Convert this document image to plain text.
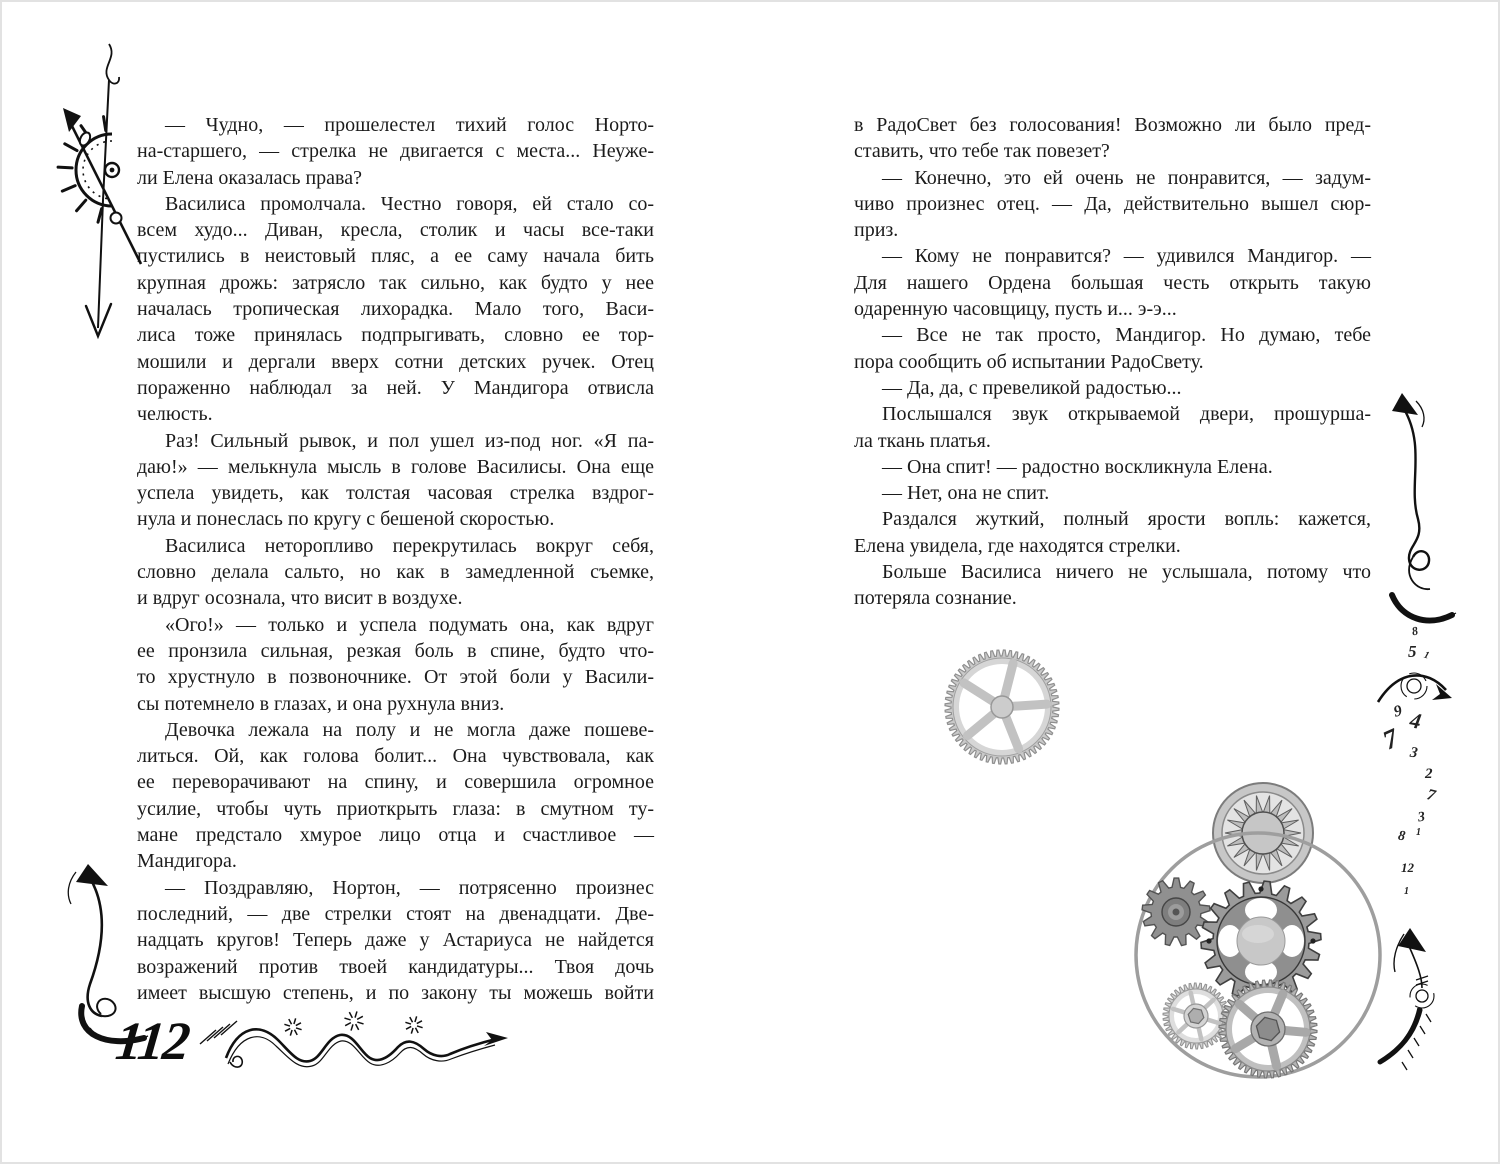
— Чудно, — прошелестел тихий голос Норто-
на-старшего, — стрелка не двигается с места... Неуже-
ли Елена оказалась права?
Василиса промолчала. Честно говоря, ей стало со-
всем худо... Диван, кресла, столик и часы все-таки
пустились в неистовый пляс, а ее саму начала бить
крупная дрожь: затрясло так сильно, как будто у нее
началась тропическая лихорадка. Мало того, Васи-
лиса тоже принялась подпрыгивать, словно ее тор-
мошили и дергали вверх сотни детских ручек. Отец
пораженно наблюдал за ней. У Мандигора отвисла
челюсть.
Раз! Сильный рывок, и пол ушел из-под ног. «Я па-
даю!» — мелькнула мысль в голове Василисы. Она еще
успела увидеть, как толстая часовая стрелка вздрог-
нула и понеслась по кругу с бешеной скоростью.
Василиса неторопливо перекрутилась вокруг себя,
словно делала сальто, но как в замедленной съемке,
и вдруг осознала, что висит в воздухе.
«Ого!» — только и успела подумать она, как вдруг
ее пронзила сильная, резкая боль в спине, будто что-
то хрустнуло в позвоночнике. От этой боли у Васили-
сы потемнело в глазах, и она рухнула вниз.
Девочка лежала на полу и не могла даже пошеве-
литься. Ой, как голова болит... Она чувствовала, как
ее переворачивают на спину, и совершила огромное
усилие, чтобы чуть приоткрыть глаза: в смутном ту-
мане предстало хмурое лицо отца и счастливое —
Мандигора.
— Поздравляю, Нортон, — потрясенно произнес
последний, — две стрелки стоят на двенадцати. Две-
надцать кругов! Теперь даже у Астариуса не найдется
возражений против твоей кандидатуры... Твоя дочь
имеет высшую степень, и по закону ты можешь войти
в РадоСвет без голосования! Возможно ли было пред-
ставить, что тебе так повезет?
— Конечно, это ей очень не понравится, — задум-
чиво произнес отец. — Да, действительно вышел сюр-
приз.
— Кому не понравится? — удивился Мандигор. —
Для нашего Ордена большая честь открыть такую
одаренную часовщицу, пусть и... э-э...
— Все не так просто, Мандигор. Но думаю, тебе
пора сообщить об испытании РадоСвету.
— Да, да, с превеликой радостью...
Послышался звук открываемой двери, прошурша-
ла ткань платья.
— Она спит! — радостно воскликнула Елена.
— Нет, она не спит.
Раздался жуткий, полный ярости вопль: кажется,
Елена увидела, где находятся стрелки.
Больше Василиса ничего не услышала, потому что
потеряла сознание.
112
8
5 1
9 4
7 3
2
7
3
8 1
12
1
